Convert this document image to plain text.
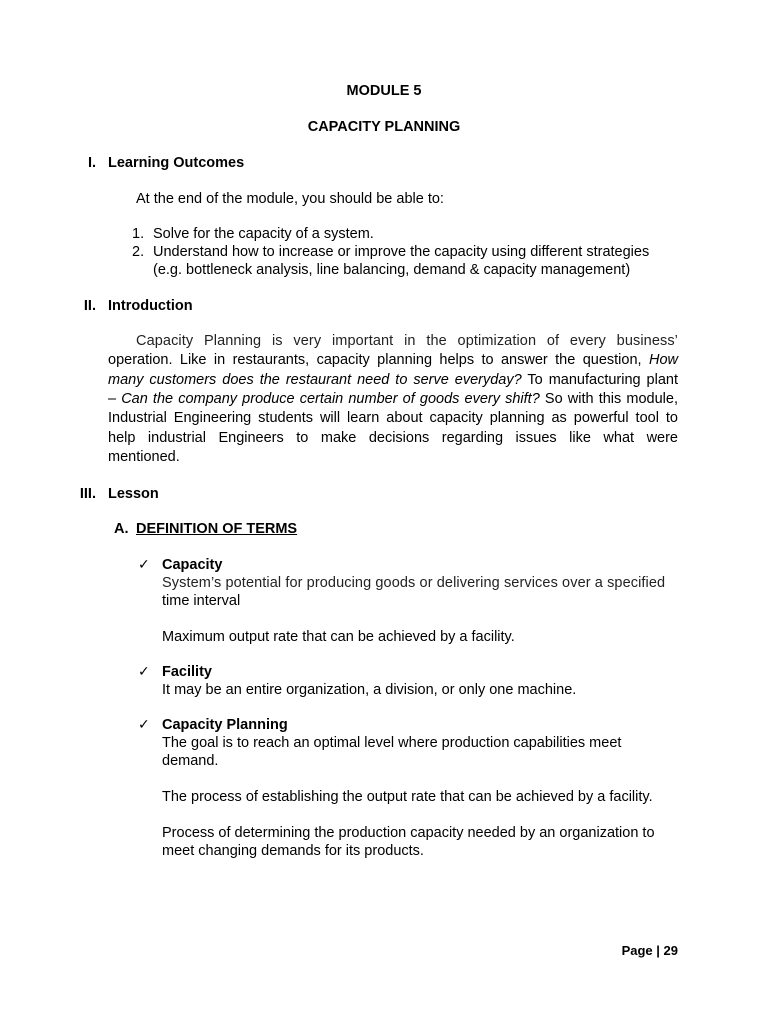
MODULE 5
CAPACITY PLANNING
I. Learning Outcomes
At the end of the module, you should be able to:
1. Solve for the capacity of a system.
2. Understand how to increase or improve the capacity using different strategies
(e.g. bottleneck analysis, line balancing, demand & capacity management)
II. Introduction
Capacity Planning is very important in the optimization of every business’
operation. Like in restaurants, capacity planning helps to answer the question, How
many customers does the restaurant need to serve everyday? To manufacturing plant
– Can the company produce certain number of goods every shift? So with this module,
Industrial Engineering students will learn about capacity planning as powerful tool to
help industrial Engineers to make decisions regarding issues like what were
mentioned.
III. Lesson
A. DEFINITION OF TERMS
✓ Capacity
System’s potential for producing goods or delivering services over a specified
time interval
Maximum output rate that can be achieved by a facility.
✓ Facility
It may be an entire organization, a division, or only one machine.
✓ Capacity Planning
The goal is to reach an optimal level where production capabilities meet
demand.
The process of establishing the output rate that can be achieved by a facility.
Process of determining the production capacity needed by an organization to
meet changing demands for its products.
Page | 29
